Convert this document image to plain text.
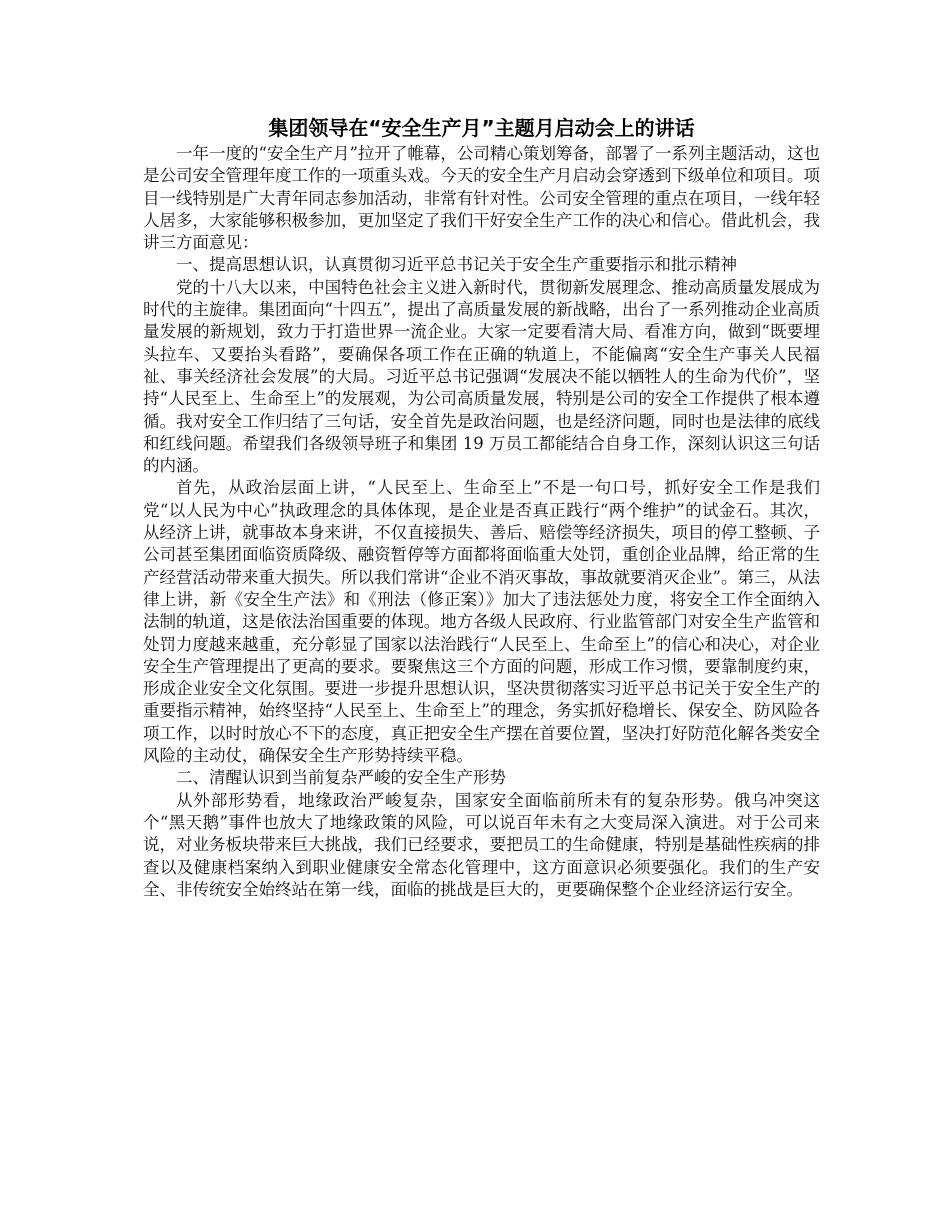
集团领导在“安全生产月”主题月启动会上的讲话

一年一度的“安全生产月”拉开了帷幕，公司精心策划筹备，部署了一系列主题活动，这也是公司安全管理年度工作的一项重头戏。今天的安全生产月启动会穿透到下级单位和项目。项目一线特别是广大青年同志参加活动，非常有针对性。公司安全管理的重点在项目，一线年轻人居多，大家能够积极参加，更加坚定了我们干好安全生产工作的决心和信心。借此机会，我讲三方面意见：

一、提高思想认识，认真贯彻习近平总书记关于安全生产重要指示和批示精神

党的十八大以来，中国特色社会主义进入新时代，贯彻新发展理念、推动高质量发展成为时代的主旋律。集团面向“十四五”，提出了高质量发展的新战略，出台了一系列推动企业高质量发展的新规划，致力于打造世界一流企业。大家一定要看清大局、看准方向，做到“既要埋头拉车、又要抬头看路”，要确保各项工作在正确的轨道上，不能偏离“安全生产事关人民福祉、事关经济社会发展”的大局。习近平总书记强调“发展决不能以牺牲人的生命为代价”，坚持“人民至上、生命至上”的发展观，为公司高质量发展，特别是公司的安全工作提供了根本遵循。我对安全工作归结了三句话，安全首先是政治问题，也是经济问题，同时也是法律的底线和红线问题。希望我们各级领导班子和集团 19 万员工都能结合自身工作，深刻认识这三句话的内涵。

首先，从政治层面上讲，“人民至上、生命至上”不是一句口号，抓好安全工作是我们党“以人民为中心”执政理念的具体体现，是企业是否真正践行“两个维护”的试金石。其次，从经济上讲，就事故本身来讲，不仅直接损失、善后、赔偿等经济损失，项目的停工整顿、子公司甚至集团面临资质降级、融资暂停等方面都将面临重大处罚，重创企业品牌，给正常的生产经营活动带来重大损失。所以我们常讲“企业不消灭事故，事故就要消灭企业”。第三，从法律上讲，新《安全生产法》和《刑法（修正案）》加大了违法惩处力度，将安全工作全面纳入法制的轨道，这是依法治国重要的体现。地方各级人民政府、行业监管部门对安全生产监管和处罚力度越来越重，充分彰显了国家以法治践行“人民至上、生命至上”的信心和决心，对企业安全生产管理提出了更高的要求。要聚焦这三个方面的问题，形成工作习惯，要靠制度约束，形成企业安全文化氛围。要进一步提升思想认识，坚决贯彻落实习近平总书记关于安全生产的重要指示精神，始终坚持“人民至上、生命至上”的理念，务实抓好稳增长、保安全、防风险各项工作，以时时放心不下的态度，真正把安全生产摆在首要位置，坚决打好防范化解各类安全风险的主动仗，确保安全生产形势持续平稳。

二、清醒认识到当前复杂严峻的安全生产形势

从外部形势看，地缘政治严峻复杂，国家安全面临前所未有的复杂形势。俄乌冲突这个“黑天鹅”事件也放大了地缘政策的风险，可以说百年未有之大变局深入演进。对于公司来说，对业务板块带来巨大挑战，我们已经要求，要把员工的生命健康，特别是基础性疾病的排查以及健康档案纳入到职业健康安全常态化管理中，这方面意识必须要强化。我们的生产安全、非传统安全始终站在第一线，面临的挑战是巨大的，更要确保整个企业经济运行安全。
